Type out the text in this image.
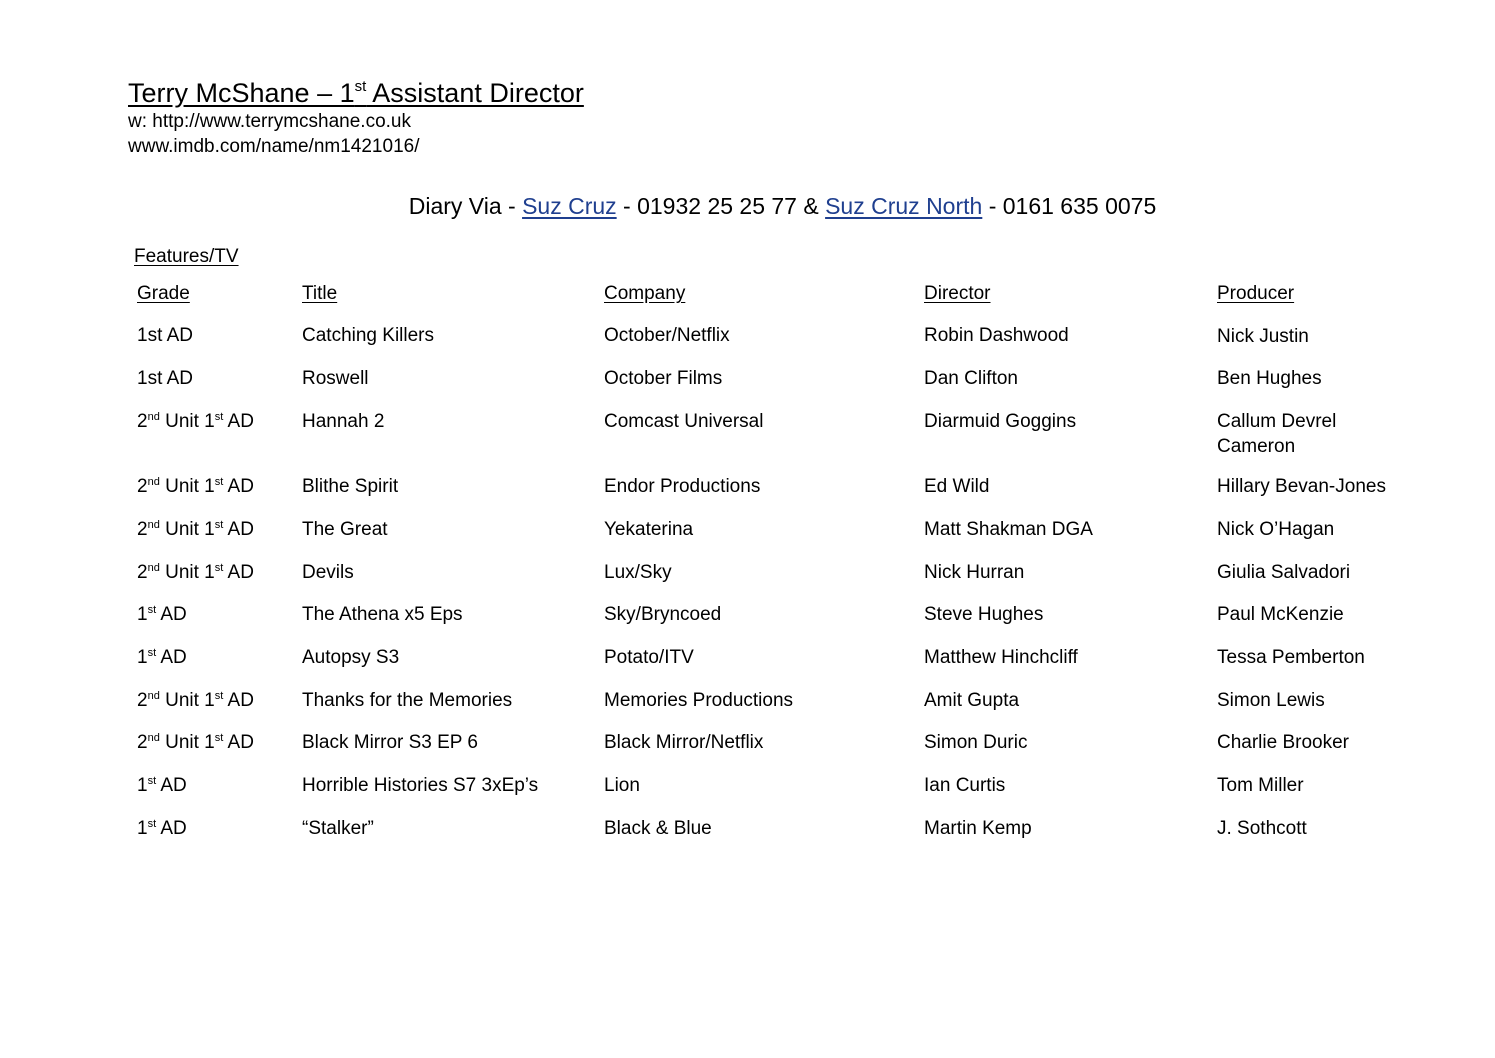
Terry McShane – 1st Assistant Director
w: http://www.terrymcshane.co.uk
www.imdb.com/name/nm1421016/
Diary Via - Suz Cruz - 01932 25 25 77 & Suz Cruz North - 0161 635 0075
Features/TV
Grade	Title	Company	Director	Producer
1st AD	Catching Killers	October/Netflix	Robin Dashwood	Nick Justin
1st AD	Roswell	October Films	Dan Clifton	Ben Hughes
2nd Unit 1st AD	Hannah 2	Comcast Universal	Diarmuid Goggins	Callum Devrel
Cameron
2nd Unit 1st AD	Blithe Spirit	Endor Productions	Ed Wild	Hillary Bevan-Jones
2nd Unit 1st AD	The Great	Yekaterina	Matt Shakman DGA	Nick O’Hagan
2nd Unit 1st AD	Devils	Lux/Sky	Nick Hurran	Giulia Salvadori
1st AD	The Athena x5 Eps	Sky/Bryncoed	Steve Hughes	Paul McKenzie
1st AD	Autopsy S3	Potato/ITV	Matthew Hinchcliff	Tessa Pemberton
2nd Unit 1st AD	Thanks for the Memories	Memories Productions	Amit Gupta	Simon Lewis
2nd Unit 1st AD	Black Mirror S3 EP 6	Black Mirror/Netflix	Simon Duric	Charlie Brooker
1st AD	Horrible Histories S7 3xEp’s	Lion	Ian Curtis	Tom Miller
1st AD	“Stalker”	Black & Blue	Martin Kemp	J. Sothcott
